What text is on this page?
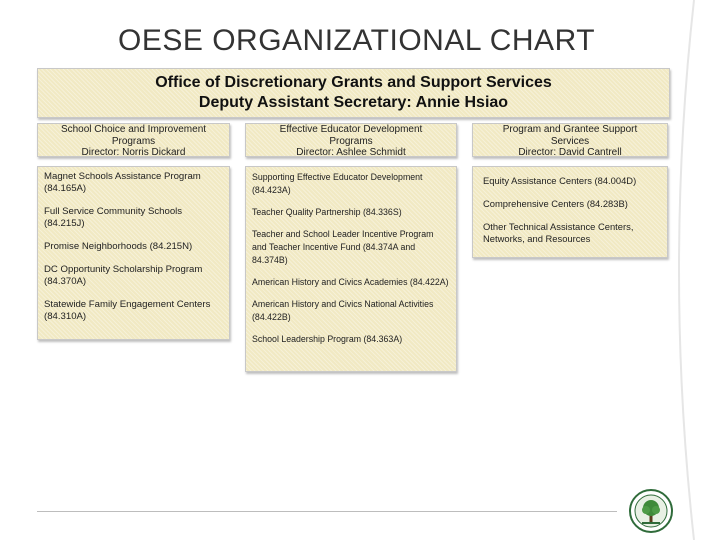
OESE ORGANIZATIONAL CHART
Office of Discretionary Grants and Support Services
Deputy Assistant Secretary: Annie Hsiao
School Choice and Improvement
Programs
Director: Norris Dickard
Magnet Schools Assistance Program (84.165A)
Full Service Community Schools (84.215J)
Promise Neighborhoods (84.215N)
DC Opportunity Scholarship Program (84.370A)
Statewide Family Engagement Centers (84.310A)
Effective Educator Development
Programs
Director: Ashlee Schmidt
Supporting Effective Educator Development (84.423A)
Teacher Quality Partnership (84.336S)
Teacher and School Leader Incentive Program and Teacher Incentive Fund (84.374A and 84.374B)
American History and Civics Academies (84.422A)
American History and Civics National Activities (84.422B)
School Leadership Program (84.363A)
Program and Grantee Support
Services
Director: David Cantrell
Equity Assistance Centers (84.004D)
Comprehensive Centers (84.283B)
Other Technical Assistance Centers, Networks, and Resources
